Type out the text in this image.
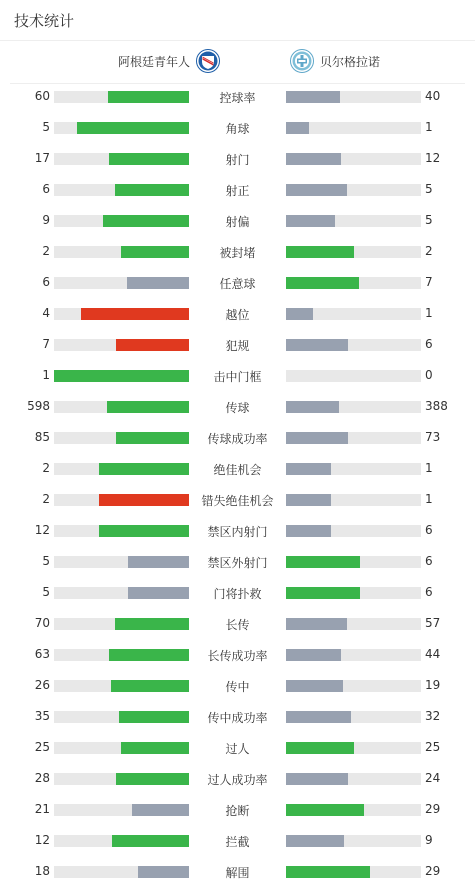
技术统计
阿根廷青年人	贝尔格拉诺
60	控球率	40
5	角球	1
17	射门	12
6	射正	5
9	射偏	5
2	被封堵	2
6	任意球	7
4	越位	1
7	犯规	6
1	击中门框	0
598	传球	388
85	传球成功率	73
2	绝佳机会	1
2	错失绝佳机会	1
12	禁区内射门	6
5	禁区外射门	6
5	门将扑救	6
70	长传	57
63	长传成功率	44
26	传中	19
35	传中成功率	32
25	过人	25
28	过人成功率	24
21	抢断	29
12	拦截	9
18	解围	29
